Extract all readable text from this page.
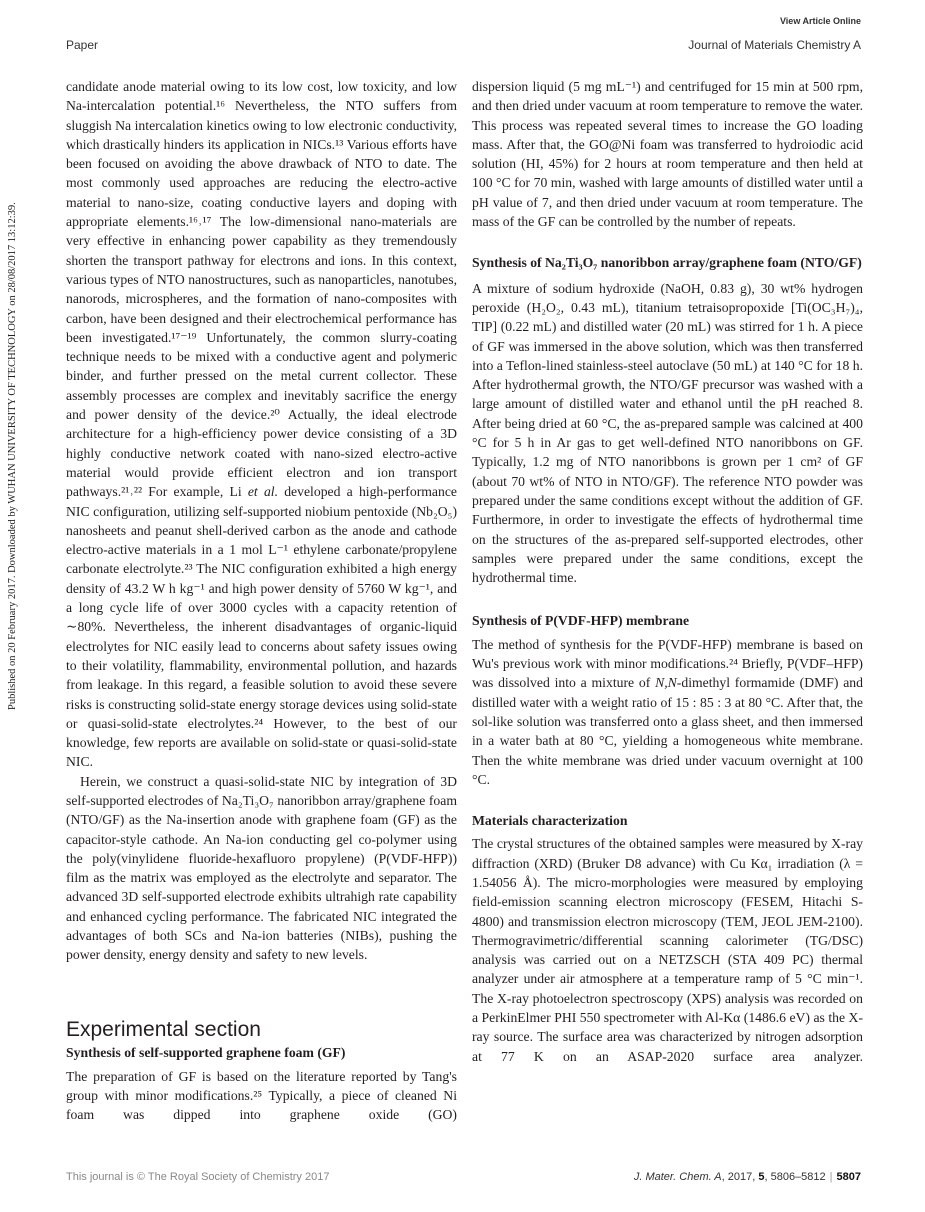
View Article Online
Paper	Journal of Materials Chemistry A
Published on 20 February 2017. Downloaded by WUHAN UNIVERSITY OF TECHNOLOGY on 28/08/2017 13:12:39.

candidate anode material owing to its low cost, low toxicity, and low Na-intercalation potential.¹⁶ Nevertheless, the NTO suffers from sluggish Na intercalation kinetics owing to low electronic conductivity, which drastically hinders its application in NICs.¹³ Various efforts have been focused on avoiding the above drawback of NTO to date. The most commonly used approaches are reducing the electro-active material to nano-size, coating conductive layers and doping with appropriate elements.¹⁶˒¹⁷ The low-dimensional nano-materials are very effective in enhancing power capability as they tremendously shorten the transport pathway for electrons and ions. In this context, various types of NTO nanostructures, such as nanoparticles, nanotubes, nanorods, microspheres, and the formation of nano-composites with carbon, have been designed and their electrochemical performance has been investigated.¹⁷⁻¹⁹ Unfortunately, the common slurry-coating technique needs to be mixed with a conductive agent and polymeric binder, and further pressed on the metal current collector. These assembly processes are complex and inevitably sacrifice the energy and power density of the device.²⁰ Actually, the ideal electrode architecture for a high-efficiency power device consisting of a 3D highly conductive network coated with nano-sized electro-active material would provide efficient electron and ion transport pathways.²¹˒²² For example, Li et al. developed a high-performance NIC configuration, utilizing self-supported niobium pentoxide (Nb₂O₅) nanosheets and peanut shell-derived carbon as the anode and cathode electro-active materials in a 1 mol L⁻¹ ethylene carbonate/propylene carbonate electrolyte.²³ The NIC configuration exhibited a high energy density of 43.2 W h kg⁻¹ and high power density of 5760 W kg⁻¹, and a long cycle life of over 3000 cycles with a capacity retention of ∼80%. Nevertheless, the inherent disadvantages of organic-liquid electrolytes for NIC easily lead to concerns about safety issues owing to their volatility, flammability, environmental pollution, and hazards from leakage. In this regard, a feasible solution to avoid these severe risks is constructing solid-state energy storage devices using solid-state or quasi-solid-state electrolytes.²⁴ However, to the best of our knowledge, few reports are available on solid-state or quasi-solid-state NIC.

Herein, we construct a quasi-solid-state NIC by integration of 3D self-supported electrodes of Na₂Ti₃O₇ nanoribbon array/graphene foam (NTO/GF) as the Na-insertion anode with graphene foam (GF) as the capacitor-style cathode. An Na-ion conducting gel co-polymer using the poly(vinylidene fluoride-hexafluoro propylene) (P(VDF-HFP)) film as the matrix was employed as the electrolyte and separator. The advanced 3D self-supported electrode exhibits ultrahigh rate capability and enhanced cycling performance. The fabricated NIC integrated the advantages of both SCs and Na-ion batteries (NIBs), pushing the power density, energy density and safety to new levels.

Experimental section
Synthesis of self-supported graphene foam (GF)

The preparation of GF is based on the literature reported by Tang's group with minor modifications.²⁵ Typically, a piece of cleaned Ni foam was dipped into graphene oxide (GO)

dispersion liquid (5 mg mL⁻¹) and centrifuged for 15 min at 500 rpm, and then dried under vacuum at room temperature to remove the water. This process was repeated several times to increase the GO loading mass. After that, the GO@Ni foam was transferred to hydroiodic acid solution (HI, 45%) for 2 hours at room temperature and then held at 100 °C for 70 min, washed with large amounts of distilled water until a pH value of 7, and then dried under vacuum at room temperature. The mass of the GF can be controlled by the number of repeats.

Synthesis of Na₂Ti₃O₇ nanoribbon array/graphene foam (NTO/GF)

A mixture of sodium hydroxide (NaOH, 0.83 g), 30 wt% hydrogen peroxide (H₂O₂, 0.43 mL), titanium tetraisopropoxide [Ti(OC₃H₇)₄, TIP] (0.22 mL) and distilled water (20 mL) was stirred for 1 h. A piece of GF was immersed in the above solution, which was then transferred into a Teflon-lined stainless-steel autoclave (50 mL) at 140 °C for 18 h. After hydrothermal growth, the NTO/GF precursor was washed with a large amount of distilled water and ethanol until the pH reached 8. After being dried at 60 °C, the as-prepared sample was calcined at 400 °C for 5 h in Ar gas to get well-defined NTO nanoribbons on GF. Typically, 1.2 mg of NTO nanoribbons is grown per 1 cm² of GF (about 70 wt% of NTO in NTO/GF). The reference NTO powder was prepared under the same conditions except without the addition of GF. Furthermore, in order to investigate the effects of hydrothermal time on the structures of the as-prepared self-supported electrodes, other samples were prepared under the same conditions, except the hydrothermal time.

Synthesis of P(VDF-HFP) membrane

The method of synthesis for the P(VDF-HFP) membrane is based on Wu's previous work with minor modifications.²⁴ Briefly, P(VDF–HFP) was dissolved into a mixture of N,N-dimethyl formamide (DMF) and distilled water with a weight ratio of 15 : 85 : 3 at 80 °C. After that, the sol-like solution was transferred onto a glass sheet, and then immersed in a water bath at 80 °C, yielding a homogeneous white membrane. Then the white membrane was dried under vacuum overnight at 100 °C.

Materials characterization

The crystal structures of the obtained samples were measured by X-ray diffraction (XRD) (Bruker D8 advance) with Cu Kα₁ irradiation (λ = 1.54056 Å). The micro-morphologies were measured by employing field-emission scanning electron microscopy (FESEM, Hitachi S-4800) and transmission electron microscopy (TEM, JEOL JEM-2100). Thermogravimetric/differential scanning calorimeter (TG/DSC) analysis was carried out on a NETZSCH (STA 409 PC) thermal analyzer under air atmosphere at a temperature ramp of 5 °C min⁻¹. The X-ray photoelectron spectroscopy (XPS) analysis was recorded on a PerkinElmer PHI 550 spectrometer with Al-Kα (1486.6 eV) as the X-ray source. The surface area was characterized by nitrogen adsorption at 77 K on an ASAP-2020 surface area analyzer.

This journal is © The Royal Society of Chemistry 2017	J. Mater. Chem. A, 2017, 5, 5806–5812 | 5807
